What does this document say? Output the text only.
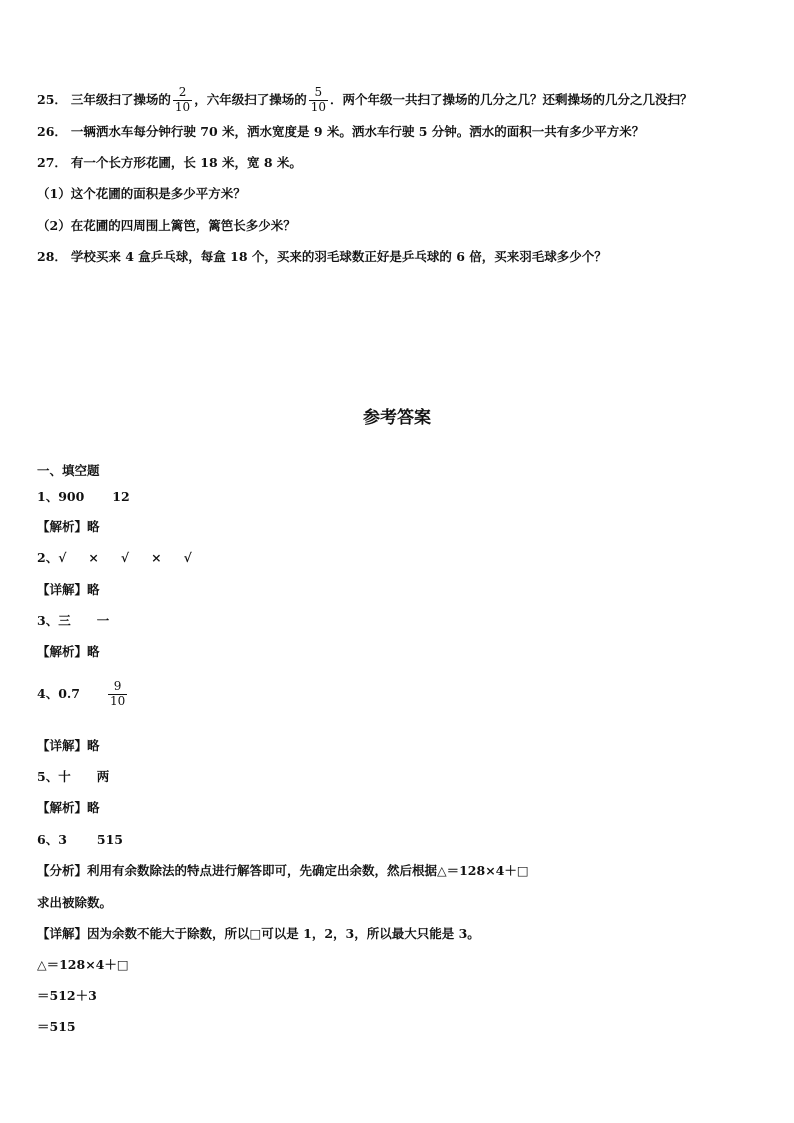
25． 三年级扫了操场的 $\frac{2}{10}$ ，六年级扫了操场的 $\frac{5}{10}$ ．两个年级一共扫了操场的几分之几？还剩操场的几分之几没扫？
26． 一辆洒水车每分钟行驶 70 米，洒水宽度是 9 米。洒水车行驶 5 分钟。洒水的面积一共有多少平方米？
27． 有一个长方形花圃，长 18 米，宽 8 米。
（1）这个花圃的面积是多少平方米？
（2）在花圃的四周围上篱笆，篱笆长多少米？
28． 学校买来 4 盒乒乓球，每盒 18 个，买来的羽毛球数正好是乒乓球的 6 倍，买来羽毛球多少个？
参考答案
一、填空题
1、900 12
【解析】略
2、√ × √ × √
【详解】略
3、三 一
【解析】略
4、$0.7 \frac{9}{10}$
【详解】略
5、十 两
【解析】略
6、3 515
【分析】利用有余数除法的特点进行解答即可，先确定出余数，然后根据△＝128×4＋□
求出被除数。
【详解】因为余数不能大于除数，所以□可以是 1，2，3，所以最大只能是 3。
△＝128×4＋□
＝512＋3
＝515
